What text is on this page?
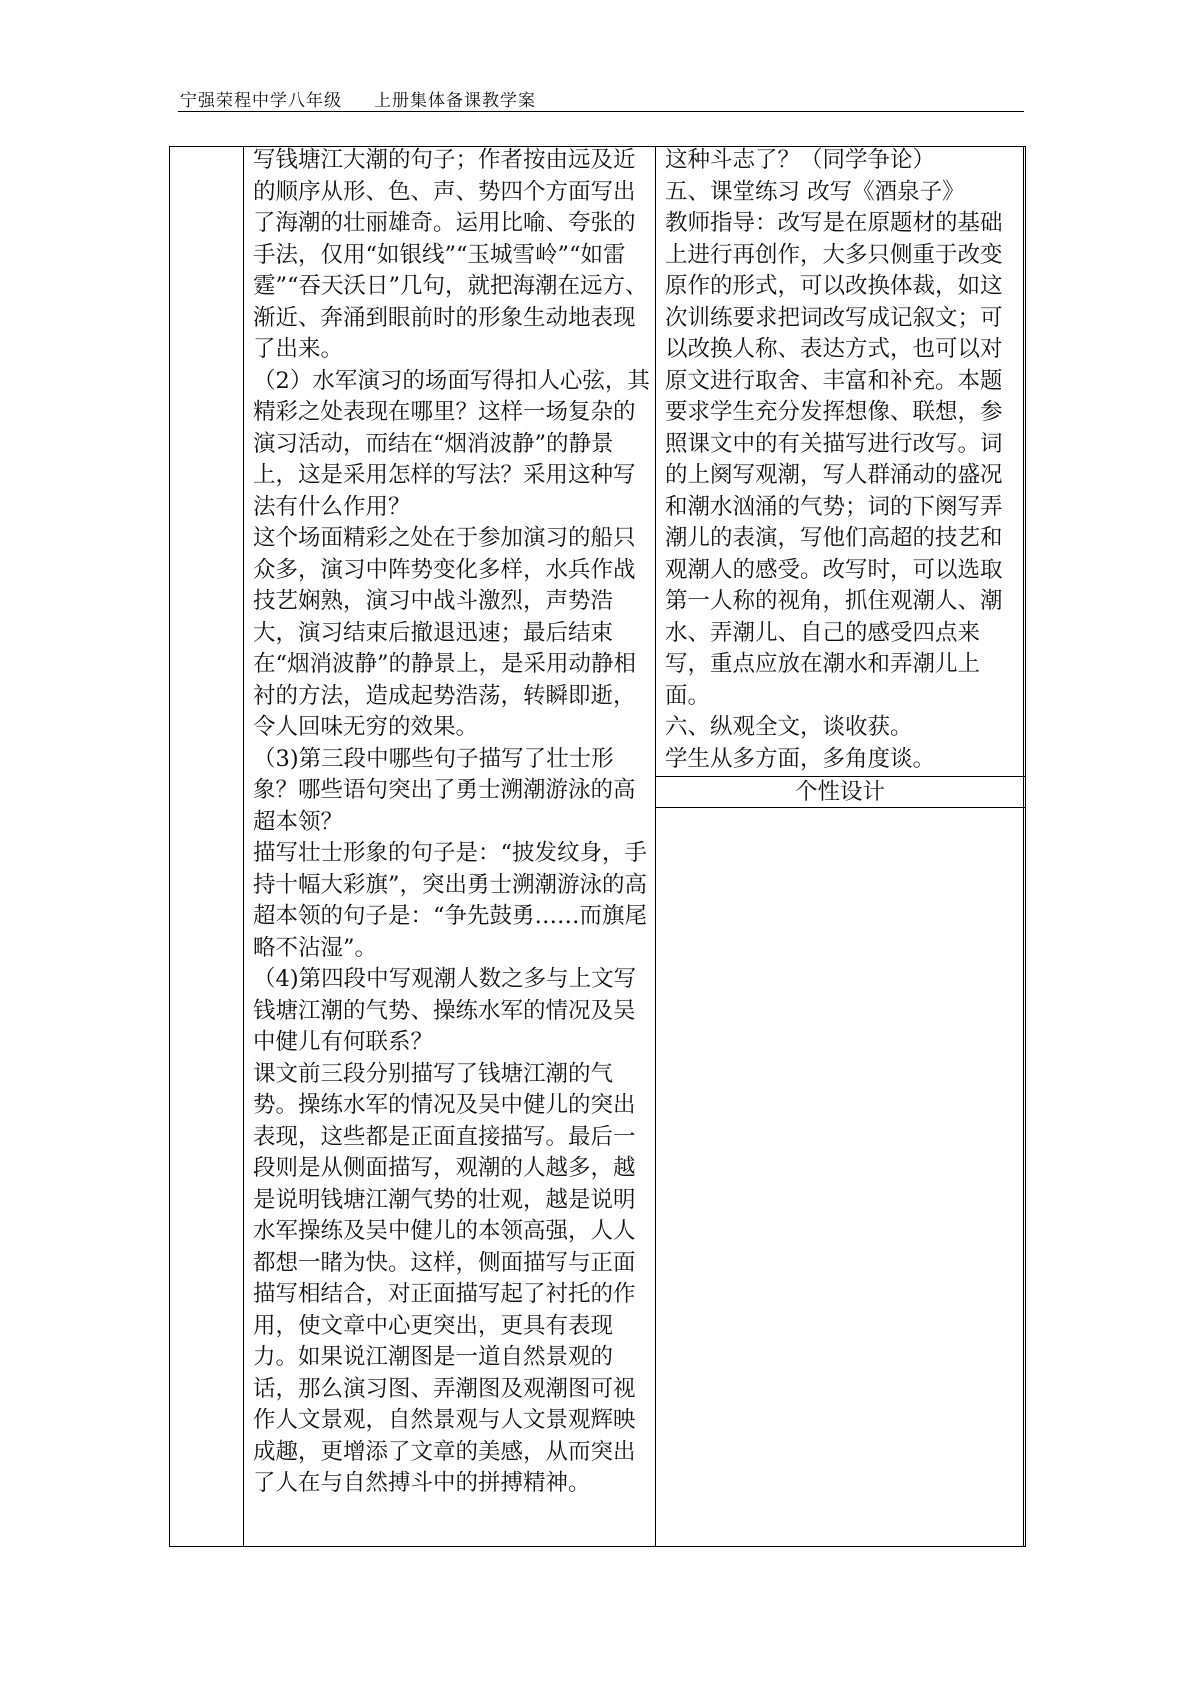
宁强荣程中学八年级     上册集体备课教学案

写钱塘江大潮的句子；作者按由远及近的顺序从形、色、声、势四个方面写出了海潮的壮丽雄奇。运用比喻、夸张的手法，仅用“如银线”“玉城雪岭”“如雷霆”“吞天沃日”几句，就把海潮在远方、渐近、奔涌到眼前时的形象生动地表现了出来。

（2）水军演习的场面写得扣人心弦，其精彩之处表现在哪里？这样一场复杂的演习活动，而结在“烟消波静”的静景上，这是采用怎样的写法？采用这种写法有什么作用？

这个场面精彩之处在于参加演习的船只众多，演习中阵势变化多样，水兵作战技艺娴熟，演习中战斗激烈，声势浩大，演习结束后撤退迅速；最后结束在“烟消波静”的静景上，是采用动静相衬的方法，造成起势浩荡，转瞬即逝，令人回味无穷的效果。

（3)第三段中哪些句子描写了壮士形象？哪些语句突出了勇士溯潮游泳的高超本领？

描写壮士形象的句子是：“披发纹身，手持十幅大彩旗”，突出勇士溯潮游泳的高超本领的句子是：“争先鼓勇……而旗尾略不沾湿”。

（4)第四段中写观潮人数之多与上文写钱塘江潮的气势、操练水军的情况及吴中健儿有何联系？

课文前三段分别描写了钱塘江潮的气势。操练水军的情况及吴中健儿的突出表现，这些都是正面直接描写。最后一段则是从侧面描写，观潮的人越多，越是说明钱塘江潮气势的壮观，越是说明水军操练及吴中健儿的本领高强，人人都想一睹为快。这样，侧面描写与正面描写相结合，对正面描写起了衬托的作用，使文章中心更突出，更具有表现力。如果说江潮图是一道自然景观的话，那么演习图、弄潮图及观潮图可视作人文景观，自然景观与人文景观辉映成趣，更增添了文章的美感，从而突出了人在与自然搏斗中的拼搏精神。

这种斗志了？（同学争论）

五、课堂练习 改写《酒泉子》

教师指导：改写是在原题材的基础上进行再创作，大多只侧重于改变原作的形式，可以改换体裁，如这次训练要求把词改写成记叙文；可以改换人称、表达方式，也可以对原文进行取舍、丰富和补充。本题要求学生充分发挥想像、联想，参照课文中的有关描写进行改写。词的上阕写观潮，写人群涌动的盛况和潮水汹涌的气势；词的下阕写弄潮儿的表演，写他们高超的技艺和观潮人的感受。改写时，可以选取第一人称的视角，抓住观潮人、潮水、弄潮儿、自己的感受四点来写，重点应放在潮水和弄潮儿上面。

六、纵观全文，谈收获。

学生从多方面，多角度谈。

个性设计
